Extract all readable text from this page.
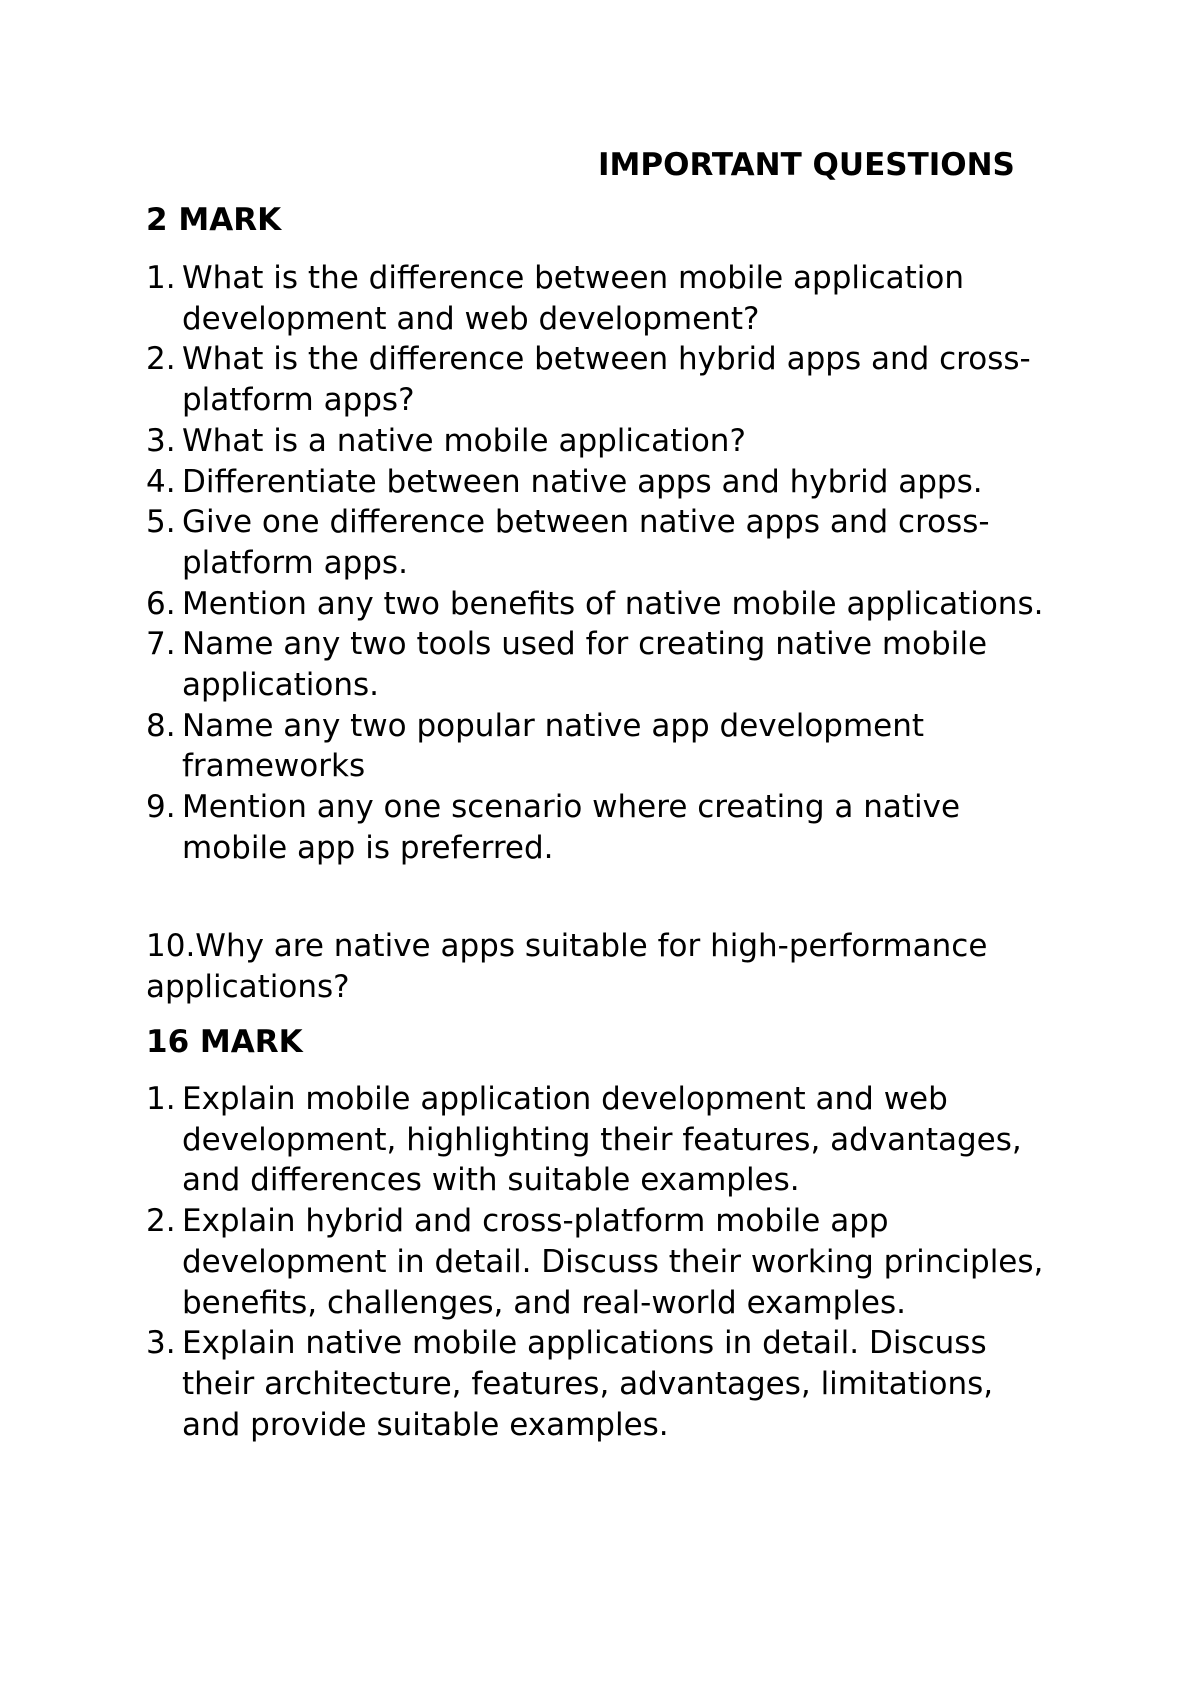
IMPORTANT QUESTIONS
2 MARK
1. What is the difference between mobile application development and web development?
2. What is the difference between hybrid apps and cross-platform apps?
3. What is a native mobile application?
4. Differentiate between native apps and hybrid apps.
5. Give one difference between native apps and cross-platform apps.
6. Mention any two benefits of native mobile applications.
7. Name any two tools used for creating native mobile applications.
8. Name any two popular native app development frameworks
9. Mention any one scenario where creating a native mobile app is preferred.
10.Why are native apps suitable for high-performance applications?
16 MARK
1. Explain mobile application development and web development, highlighting their features, advantages, and differences with suitable examples.
2. Explain hybrid and cross-platform mobile app development in detail. Discuss their working principles, benefits, challenges, and real-world examples.
3. Explain native mobile applications in detail. Discuss their architecture, features, advantages, limitations, and provide suitable examples.
